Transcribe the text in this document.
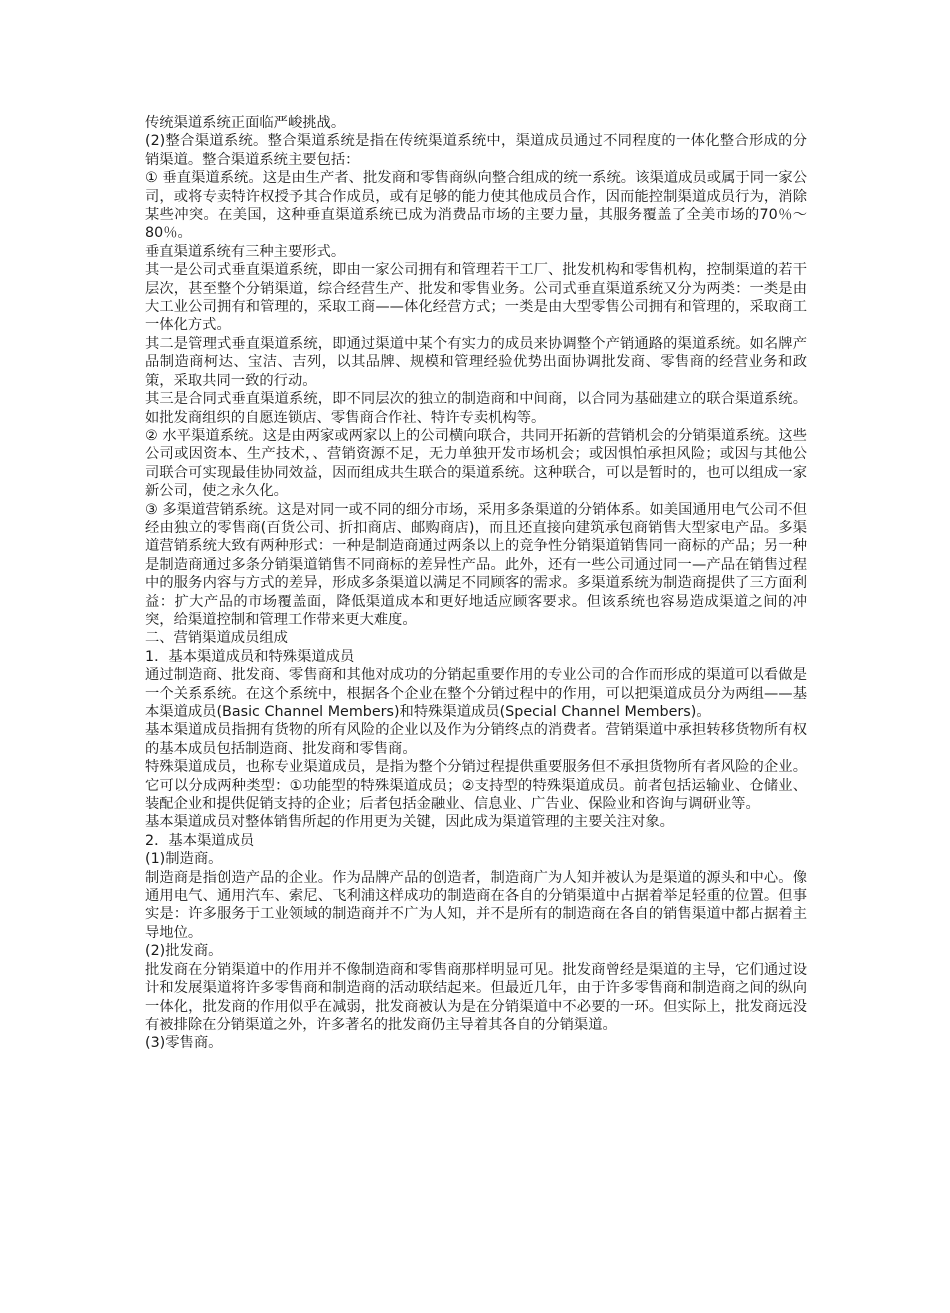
传统渠道系统正面临严峻挑战。

(2)整合渠道系统。整合渠道系统是指在传统渠道系统中，渠道成员通过不同程度的一体化整合形成的分销渠道。整合渠道系统主要包括：

① 垂直渠道系统。这是由生产者、批发商和零售商纵向整合组成的统一系统。该渠道成员或属于同一家公司，或将专卖特许权授予其合作成员，或有足够的能力使其他成员合作，因而能控制渠道成员行为，消除某些冲突。在美国，这种垂直渠道系统已成为消费品市场的主要力量，其服务覆盖了全美市场的70％～80％。

垂直渠道系统有三种主要形式。

其一是公司式垂直渠道系统，即由一家公司拥有和管理若干工厂、批发机构和零售机构，控制渠道的若干层次，甚至整个分销渠道，综合经营生产、批发和零售业务。公司式垂直渠道系统又分为两类：一类是由大工业公司拥有和管理的，采取工商——体化经营方式；一类是由大型零售公司拥有和管理的，采取商工一体化方式。

其二是管理式垂直渠道系统，即通过渠道中某个有实力的成员来协调整个产销通路的渠道系统。如名牌产品制造商柯达、宝洁、吉列，以其品牌、规模和管理经验优势出面协调批发商、零售商的经营业务和政策，采取共同一致的行动。

其三是合同式垂直渠道系统，即不同层次的独立的制造商和中间商，以合同为基础建立的联合渠道系统。如批发商组织的自愿连锁店、零售商合作社、特许专卖机构等。

② 水平渠道系统。这是由两家或两家以上的公司横向联合，共同开拓新的营销机会的分销渠道系统。这些公司或因资本、生产技术，、营销资源不足，无力单独开发市场机会；或因惧怕承担风险；或因与其他公司联合可实现最佳协同效益，因而组成共生联合的渠道系统。这种联合，可以是暂时的，也可以组成一家新公司，使之永久化。

③ 多渠道营销系统。这是对同一或不同的细分市场，采用多条渠道的分销体系。如美国通用电气公司不但经由独立的零售商(百货公司、折扣商店、邮购商店)，而且还直接向建筑承包商销售大型家电产品。多渠道营销系统大致有两种形式：一种是制造商通过两条以上的竞争性分销渠道销售同一商标的产品；另一种是制造商通过多条分销渠道销售不同商标的差异性产品。此外，还有一些公司通过同一—产品在销售过程中的服务内容与方式的差异，形成多条渠道以满足不同顾客的需求。多渠道系统为制造商提供了三方面利益：扩大产品的市场覆盖面，降低渠道成本和更好地适应顾客要求。但该系统也容易造成渠道之间的冲突，给渠道控制和管理工作带来更大难度。

二、营销渠道成员组成

1．基本渠道成员和特殊渠道成员

通过制造商、批发商、零售商和其他对成功的分销起重要作用的专业公司的合作而形成的渠道可以看做是一个关系系统。在这个系统中，根据各个企业在整个分销过程中的作用，可以把渠道成员分为两组——基本渠道成员(Basic Channel Members)和特殊渠道成员(Special Channel Members)。

基本渠道成员指拥有货物的所有风险的企业以及作为分销终点的消费者。营销渠道中承担转移货物所有权的基本成员包括制造商、批发商和零售商。

特殊渠道成员，也称专业渠道成员，是指为整个分销过程提供重要服务但不承担货物所有者风险的企业。它可以分成两种类型：①功能型的特殊渠道成员；②支持型的特殊渠道成员。前者包括运输业、仓储业、装配企业和提供促销支持的企业；后者包括金融业、信息业、广告业、保险业和咨询与调研业等。

基本渠道成员对整体销售所起的作用更为关键，因此成为渠道管理的主要关注对象。

2．基本渠道成员

(1)制造商。

制造商是指创造产品的企业。作为品牌产品的创造者，制造商广为人知并被认为是渠道的源头和中心。像通用电气、通用汽车、索尼、飞利浦这样成功的制造商在各自的分销渠道中占据着举足轻重的位置。但事实是：许多服务于工业领域的制造商并不广为人知，并不是所有的制造商在各自的销售渠道中都占据着主导地位。

(2)批发商。

批发商在分销渠道中的作用并不像制造商和零售商那样明显可见。批发商曾经是渠道的主导，它们通过设计和发展渠道将许多零售商和制造商的活动联结起来。但最近几年，由于许多零售商和制造商之间的纵向一体化，批发商的作用似乎在减弱，批发商被认为是在分销渠道中不必要的一环。但实际上，批发商远没有被排除在分销渠道之外，许多著名的批发商仍主导着其各自的分销渠道。

(3)零售商。
